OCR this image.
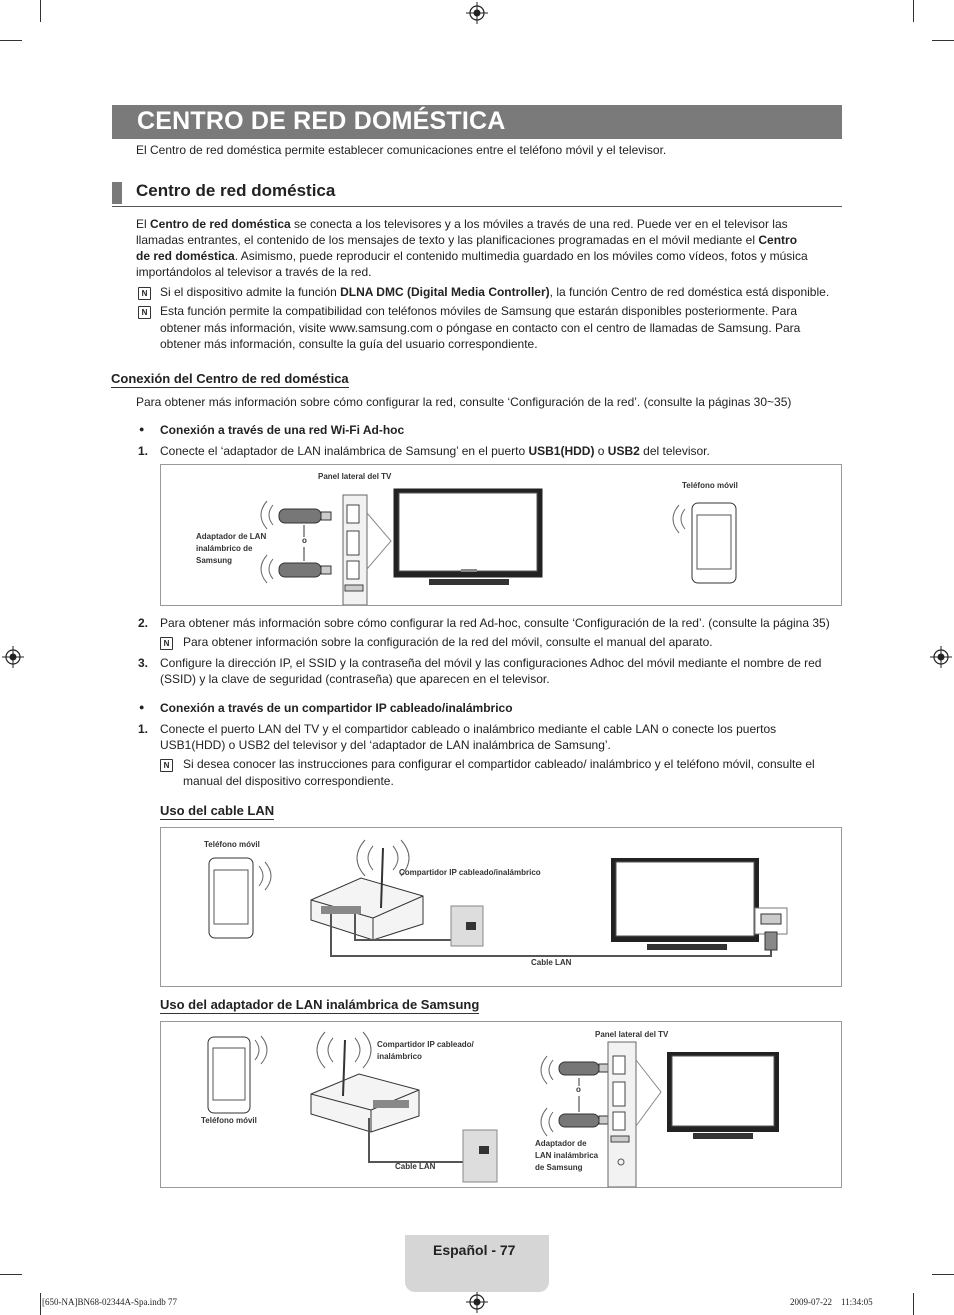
CENTRO DE RED DOMÉSTICA
El Centro de red doméstica permite establecer comunicaciones entre el teléfono móvil y el televisor.
Centro de red doméstica
El Centro de red doméstica se conecta a los televisores y a los móviles a través de una red. Puede ver en el televisor las
llamadas entrantes, el contenido de los mensajes de texto y las planificaciones programadas en el móvil mediante el Centro
de red doméstica. Asimismo, puede reproducir el contenido multimedia guardado en los móviles como vídeos, fotos y música
importándolos al televisor a través de la red.
N	Si el dispositivo admite la función DLNA DMC (Digital Media Controller), la función Centro de red doméstica está disponible.
N	Esta función permite la compatibilidad con teléfonos móviles de Samsung que estarán disponibles posteriormente. Para
obtener más información, visite www.samsung.com o póngase en contacto con el centro de llamadas de Samsung. Para
obtener más información, consulte la guía del usuario correspondiente.
Conexión del Centro de red doméstica
Para obtener más información sobre cómo configurar la red, consulte ‘Configuración de la red’. (consulte la páginas 30~35)
● Conexión a través de una red Wi-Fi Ad-hoc
1. Conecte el ‘adaptador de LAN inalámbrica de Samsung’ en el puerto USB1(HDD) o USB2 del televisor.
Panel lateral del TV
Teléfono móvil
Adaptador de LAN
inalámbrico de
Samsung
o
2. Para obtener más información sobre cómo configurar la red Ad-hoc, consulte ‘Configuración de la red’. (consulte la página 35)
N	Para obtener información sobre la configuración de la red del móvil, consulte el manual del aparato.
3. Configure la dirección IP, el SSID y la contraseña del móvil y las configuraciones Adhoc del móvil mediante el nombre de red
(SSID) y la clave de seguridad (contraseña) que aparecen en el televisor.
● Conexión a través de un compartidor IP cableado/inalámbrico
1. Conecte el puerto LAN del TV y el compartidor cableado o inalámbrico mediante el cable LAN o conecte los puertos
USB1(HDD) o USB2 del televisor y del ‘adaptador de LAN inalámbrica de Samsung’.
N	Si desea conocer las instrucciones para configurar el compartidor cableado/ inalámbrico y el teléfono móvil, consulte el
manual del dispositivo correspondiente.
Uso del cable LAN
Teléfono móvil
Compartidor IP cableado/inalámbrico
Cable LAN
Uso del adaptador de LAN inalámbrica de Samsung
Compartidor IP cableado/
inalámbrico
Panel lateral del TV
Teléfono móvil
Cable LAN
Adaptador de
LAN inalámbrica
de Samsung
o
Español - 77
[650-NA]BN68-02344A-Spa.indb 77	2009-07-22    11:34:05
